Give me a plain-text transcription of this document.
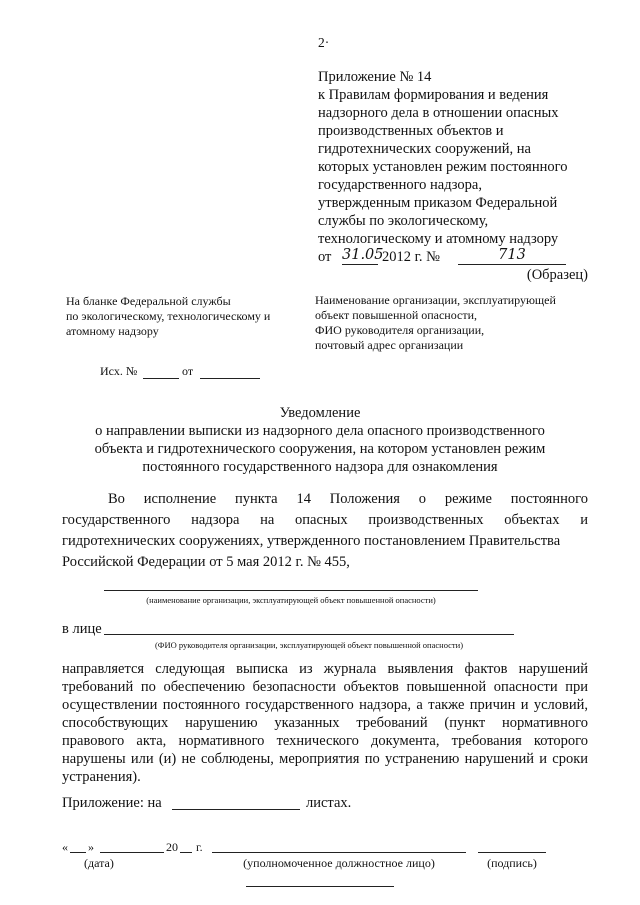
2·
Приложение № 14
к Правилам формирования и ведения
надзорного дела в отношении опасных
производственных объектов и
гидротехнических сооружений, на
которых установлен режим постоянного
государственного надзора,
утвержденным приказом Федеральной
службы по экологическому,
технологическому и атомному надзору
от 31.05
2012 г. №	713
(Образец)
На бланке Федеральной службы
по экологическому, технологическому и
атомному надзору
Наименование организации, эксплуатирующей
объект повышенной опасности,
ФИО руководителя организации,
почтовый адрес организации
Исх. №	от
Уведомление
о направлении выписки из надзорного дела опасного производственного
объекта и гидротехнического сооружения, на котором установлен режим
постоянного государственного надзора для ознакомления
Во исполнение пункта 14 Положения о режиме постоянного
государственного надзора на опасных производственных объектах и
гидротехнических сооружениях, утвержденного постановлением Правительства
Российской Федерации от 5 мая 2012 г. № 455,
(наименование организации, эксплуатирующей объект повышенной опасности)
в лице
(ФИО руководителя организации, эксплуатирующей объект повышенной опасности)
направляется следующая выписка из журнала выявления фактов нарушений
требований по обеспечению безопасности объектов повышенной опасности при
осуществлении постоянного государственного надзора, а также причин и условий,
способствующих нарушению указанных требований (пункт нормативного
правового акта, нормативного технического документа, требования которого
нарушены или (и) не соблюдены, мероприятия по устранению нарушений и сроки
устранения).
Приложение: на	листах.
« »	20 г.
(дата)	(уполномоченное должностное лицо)	(подпись)
